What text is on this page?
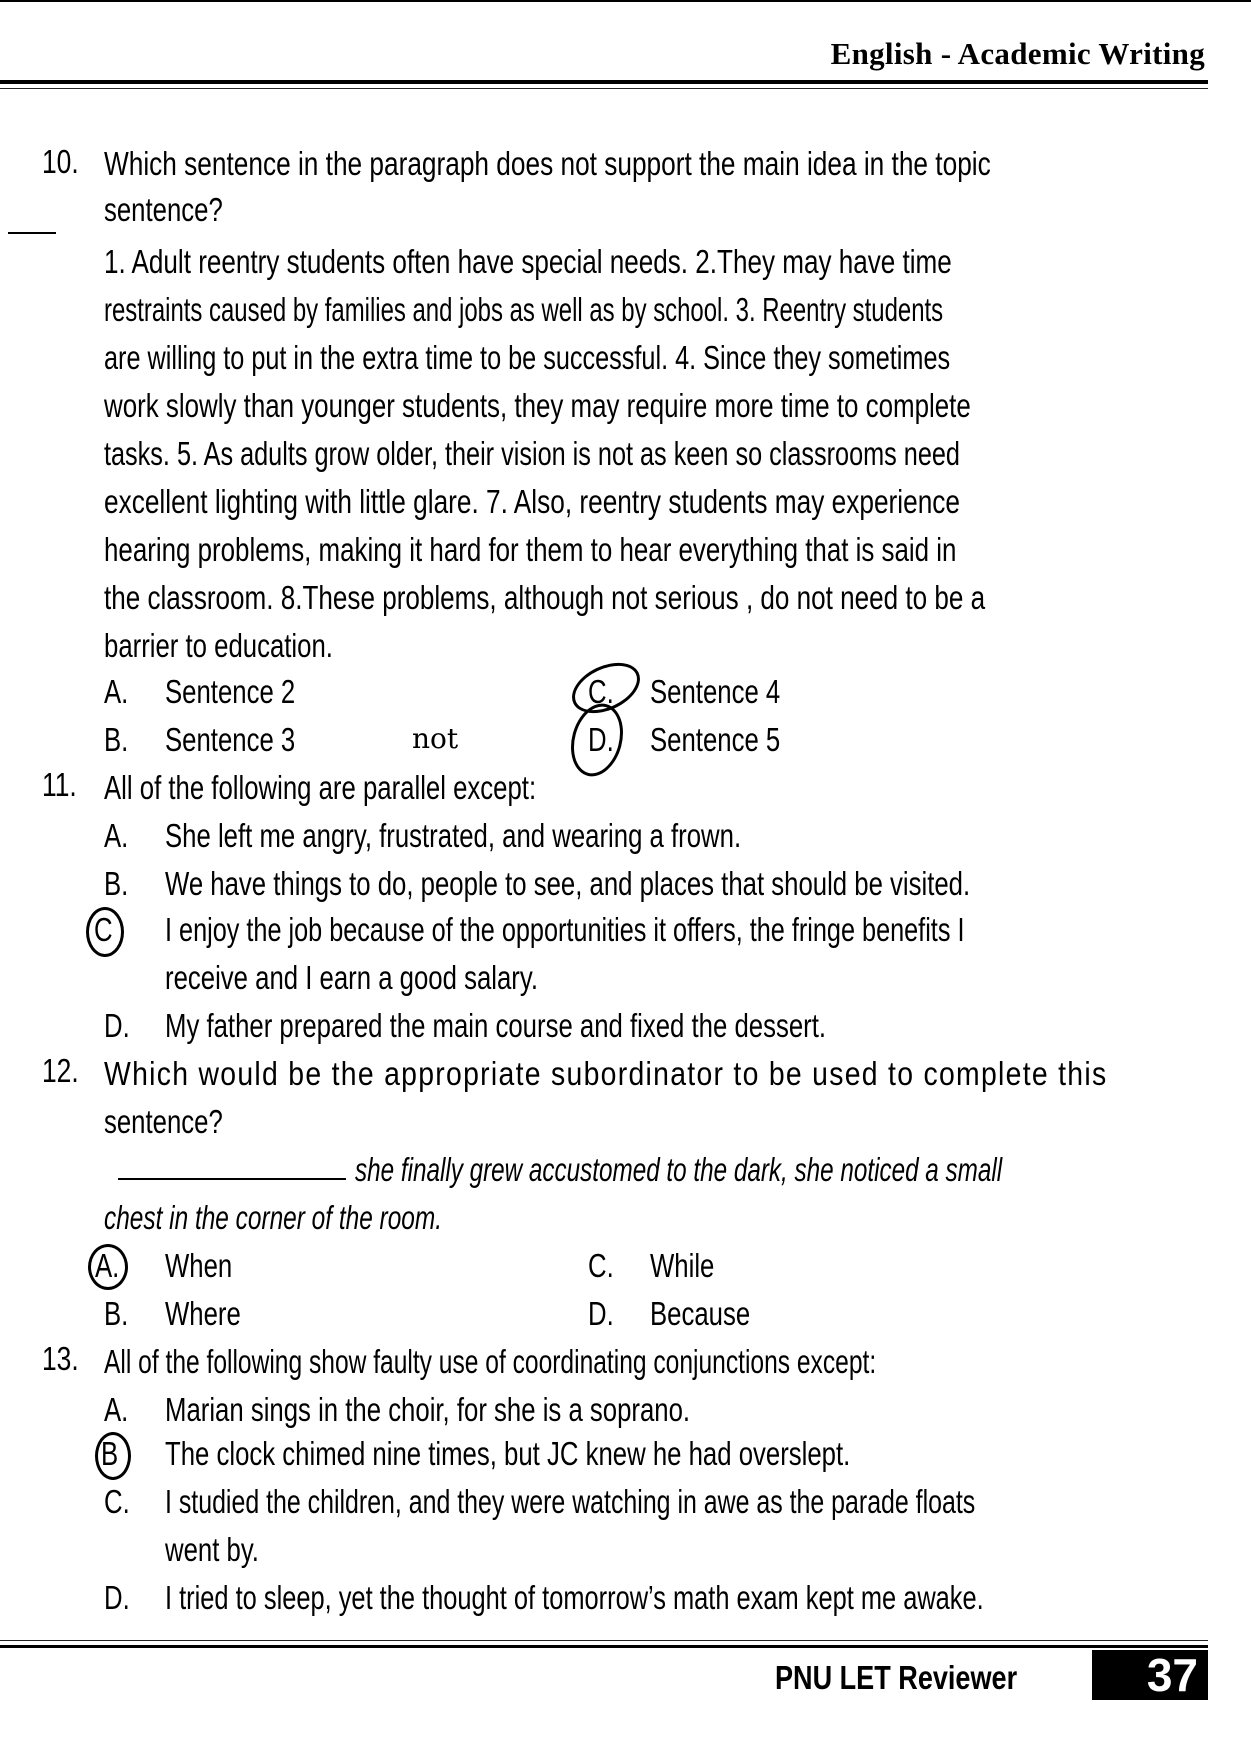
English - Academic Writing
10. Which sentence in the paragraph does not support the main idea in the topic
sentence?
1. Adult reentry students often have special needs. 2.They may have time
restraints caused by families and jobs as well as by school. 3. Reentry students
are willing to put in the extra time to be successful. 4. Since they sometimes
work slowly than younger students, they may require more time to complete
tasks. 5. As adults grow older, their vision is not as keen so classrooms need
excellent lighting with little glare. 7. Also, reentry students may experience
hearing problems, making it hard for them to hear everything that is said in
the classroom. 8.These problems, although not serious , do not need to be a
barrier to education.
A. Sentence 2
B. Sentence 3
C. Sentence 4
D. Sentence 5
not
11. All of the following are parallel except:
A. She left me angry, frustrated, and wearing a frown.
B. We have things to do, people to see, and places that should be visited.
C I enjoy the job because of the opportunities it offers, the fringe benefits I
receive and I earn a good salary.
D. My father prepared the main course and fixed the dessert.
12. Which would be the appropriate subordinator to be used to complete this
sentence?
she finally grew accustomed to the dark, she noticed a small
chest in the corner of the room.
A. When
B. Where
C. While
D. Because
13. All of the following show faulty use of coordinating conjunctions except:
A. Marian sings in the choir, for she is a soprano.
B The clock chimed nine times, but JC knew he had overslept.
C. I studied the children, and they were watching in awe as the parade floats
went by.
D. I tried to sleep, yet the thought of tomorrow’s math exam kept me awake.
PNU LET Reviewer	37
